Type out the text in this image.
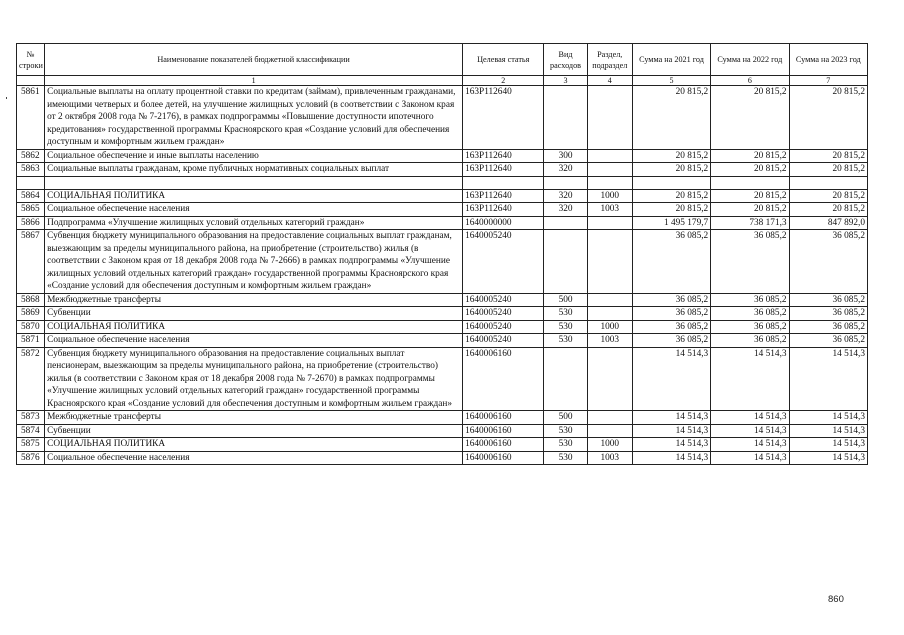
№ строки	Наименование показателей бюджетной классификации	Целевая статья	Вид расходов	Раздел, подраздел	Сумма на 2021 год	Сумма на 2022 год	Сумма на 2023 год
	1	2	3	4	5	6	7
5861	Социальные выплаты на оплату процентной ставки по кредитам (займам), привлеченным гражданами, имеющими четверых и более детей, на улучшение жилищных условий (в соответствии с Законом края от 2 октября 2008 года № 7-2176), в рамках подпрограммы «Повышение доступности ипотечного кредитования» государственной программы Красноярского края «Создание условий для обеспечения доступным и комфортным жильем граждан»	163Р112640			20 815,2	20 815,2	20 815,2
5862	Социальное обеспечение и иные выплаты населению	163Р112640	300		20 815,2	20 815,2	20 815,2
5863	Социальные выплаты гражданам, кроме публичных нормативных социальных выплат	163Р112640	320		20 815,2	20 815,2	20 815,2

5864	СОЦИАЛЬНАЯ ПОЛИТИКА	163Р112640	320	1000	20 815,2	20 815,2	20 815,2
5865	Социальное обеспечение населения	163Р112640	320	1003	20 815,2	20 815,2	20 815,2
5866	Подпрограмма «Улучшение жилищных условий отдельных категорий граждан»	1640000000			1 495 179,7	738 171,3	847 892,0
5867	Субвенция бюджету муниципального образования на предоставление социальных выплат гражданам, выезжающим за пределы муниципального района, на приобретение (строительство) жилья (в соответствии с Законом края от 18 декабря 2008 года № 7-2666) в рамках подпрограммы «Улучшение жилищных условий отдельных категорий граждан» государственной программы Красноярского края «Создание условий для обеспечения доступным и комфортным жильем граждан»	1640005240			36 085,2	36 085,2	36 085,2
5868	Межбюджетные трансферты	1640005240	500		36 085,2	36 085,2	36 085,2
5869	Субвенции	1640005240	530		36 085,2	36 085,2	36 085,2
5870	СОЦИАЛЬНАЯ ПОЛИТИКА	1640005240	530	1000	36 085,2	36 085,2	36 085,2
5871	Социальное обеспечение населения	1640005240	530	1003	36 085,2	36 085,2	36 085,2
5872	Субвенция бюджету муниципального образования на предоставление социальных выплат пенсионерам, выезжающим за пределы муниципального района, на приобретение (строительство) жилья (в соответствии с Законом края от 18 декабря 2008 года № 7-2670) в рамках подпрограммы «Улучшение жилищных условий отдельных категорий граждан» государственной программы Красноярского края «Создание условий для обеспечения доступным и комфортным жильем граждан»	1640006160			14 514,3	14 514,3	14 514,3
5873	Межбюджетные трансферты	1640006160	500		14 514,3	14 514,3	14 514,3
5874	Субвенции	1640006160	530		14 514,3	14 514,3	14 514,3
5875	СОЦИАЛЬНАЯ ПОЛИТИКА	1640006160	530	1000	14 514,3	14 514,3	14 514,3
5876	Социальное обеспечение населения	1640006160	530	1003	14 514,3	14 514,3	14 514,3
860
